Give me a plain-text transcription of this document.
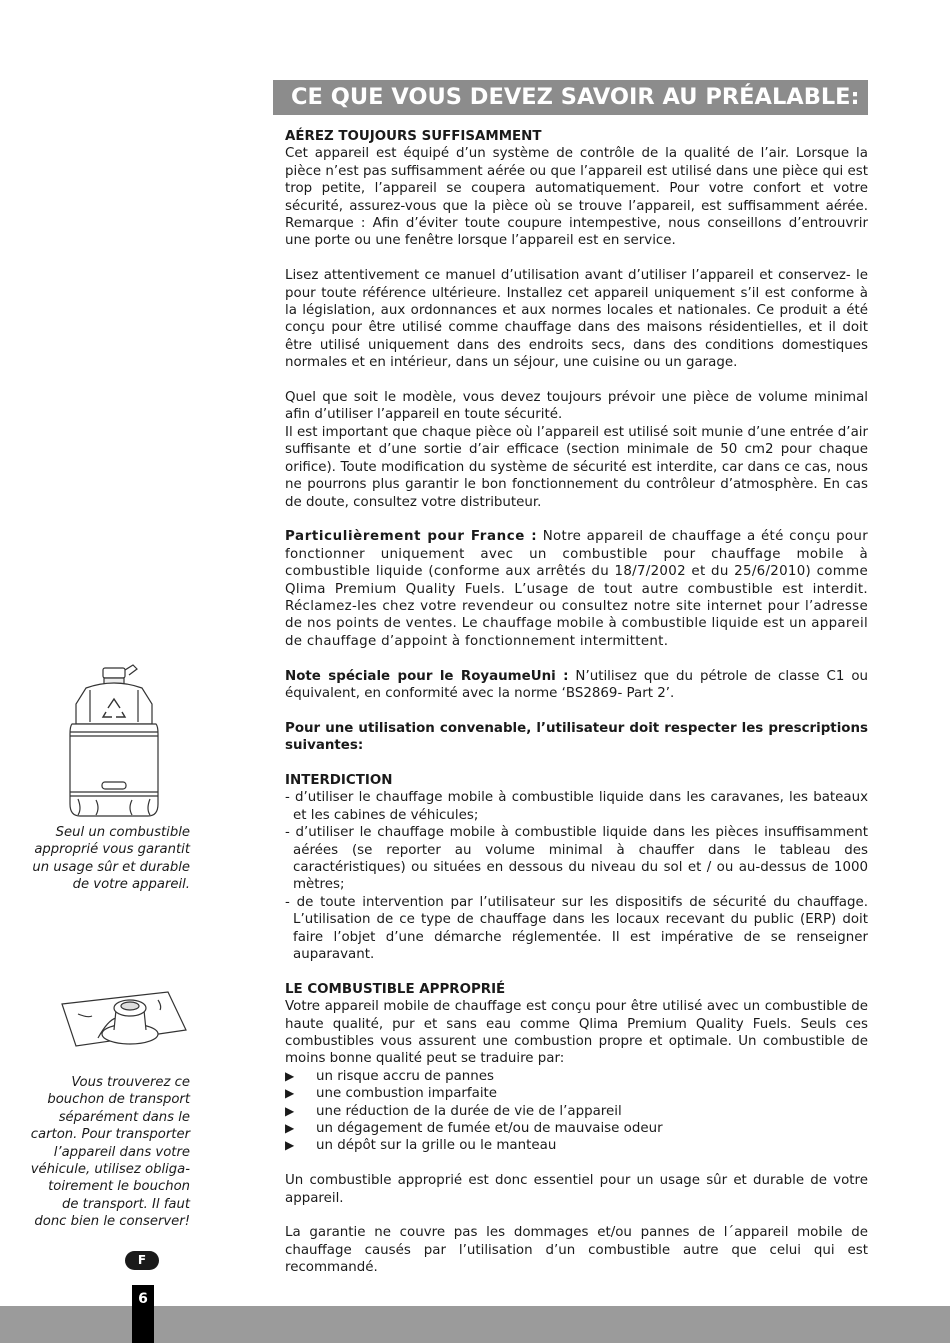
CE QUE VOUS DEVEZ SAVOIR AU PRÉALABLE:

AÉREZ TOUJOURS SUFFISAMMENT

Cet appareil est équipé d’un système de contrôle de la qualité de l’air. Lorsque la pièce n’est pas suffisamment aérée ou que l’appareil est utilisé dans une pièce qui est trop petite, l’appareil se coupera automatiquement. Pour votre confort et votre sécurité, assurez-vous que la pièce où se trouve l’appareil, est suffisamment aérée. Remarque : Afin d’éviter toute coupure intempestive, nous conseillons d’entrouvrir une porte ou une fenêtre lorsque l’appareil est en service.

Lisez attentivement ce manuel d’utilisation avant d’utiliser l’appareil et conservez- le pour toute référence ultérieure. Installez cet appareil uniquement s’il est conforme à la législation, aux ordonnances et aux normes locales et nationales. Ce produit a été conçu pour être utilisé comme chauffage dans des maisons résidentielles, et il doit être utilisé uniquement dans des endroits secs, dans des conditions domestiques normales et en intérieur, dans un séjour, une cuisine ou un garage.

Quel que soit le modèle, vous devez toujours prévoir une pièce de volume minimal afin d’utiliser l’appareil en toute sécurité.

Il est important que chaque pièce où l’appareil est utilisé soit munie d’une entrée d’air suffisante et d’une sortie d’air efficace (section minimale de 50 cm2 pour chaque orifice). Toute modification du système de sécurité est interdite, car dans ce cas, nous ne pourrons plus garantir le bon fonctionnement du contrôleur d’atmosphère. En cas de doute, consultez votre distributeur.

Particulièrement pour France : Notre appareil de chauffage a été conçu pour fonctionner uniquement avec un combustible pour chauffage mobile à combustible liquide (conforme aux arrêtés du 18/7/2002 et du 25/6/2010) comme Qlima Premium Quality Fuels. L’usage de tout autre combustible est interdit. Réclamez-les chez votre revendeur ou consultez notre site internet pour l’adresse de nos points de ventes. Le chauffage mobile à combustible liquide est un appareil de chauffage d’appoint à fonctionnement intermittent.

Note spéciale pour le RoyaumeUni : N’utilisez que du pétrole de classe C1 ou équivalent, en conformité avec la norme ‘BS2869- Part 2’.

Pour une utilisation convenable, l’utilisateur doit respecter les prescriptions suivantes:

INTERDICTION

- d’utiliser le chauffage mobile à combustible liquide dans les caravanes, les bateaux et les cabines de véhicules;

- d’utiliser le chauffage mobile à combustible liquide dans les pièces insuffisamment aérées (se reporter au volume minimal à chauffer dans le tableau des caractéristiques) ou situées en dessous du niveau du sol et / ou au-dessus de 1000 mètres;

- de toute intervention par l’utilisateur sur les dispositifs de sécurité du chauffage. L’utilisation de ce type de chauffage dans les locaux recevant du public (ERP) doit faire l’objet d’une démarche réglementée. Il est impérative de se renseigner auparavant.

LE COMBUSTIBLE APPROPRIÉ

Votre appareil mobile de chauffage est conçu pour être utilisé avec un combustible de haute qualité, pur et sans eau comme Qlima Premium Quality Fuels. Seuls ces combustibles vous assurent une combustion propre et optimale. Un combustible de moins bonne qualité peut se traduire par:

▶	un risque accru de pannes
▶	une combustion imparfaite
▶	une réduction de la durée de vie de l’appareil
▶	un dégagement de fumée et/ou de mauvaise odeur
▶	un dépôt sur la grille ou le manteau

Un combustible approprié est donc essentiel pour un usage sûr et durable de votre appareil.

La garantie ne couvre pas les dommages et/ou pannes de l´appareil mobile de chauffage causés par l’utilisation d’un combustible autre que celui qui est recommandé.

Seul un combustible approprié vous garantit un usage sûr et durable de votre appareil.
Vous trouverez ce bouchon de transport séparément dans le carton. Pour transporter l’appareil dans votre véhicule, utilisez obliga-toirement le bouchon de transport. Il faut donc bien le conserver!
F
6
